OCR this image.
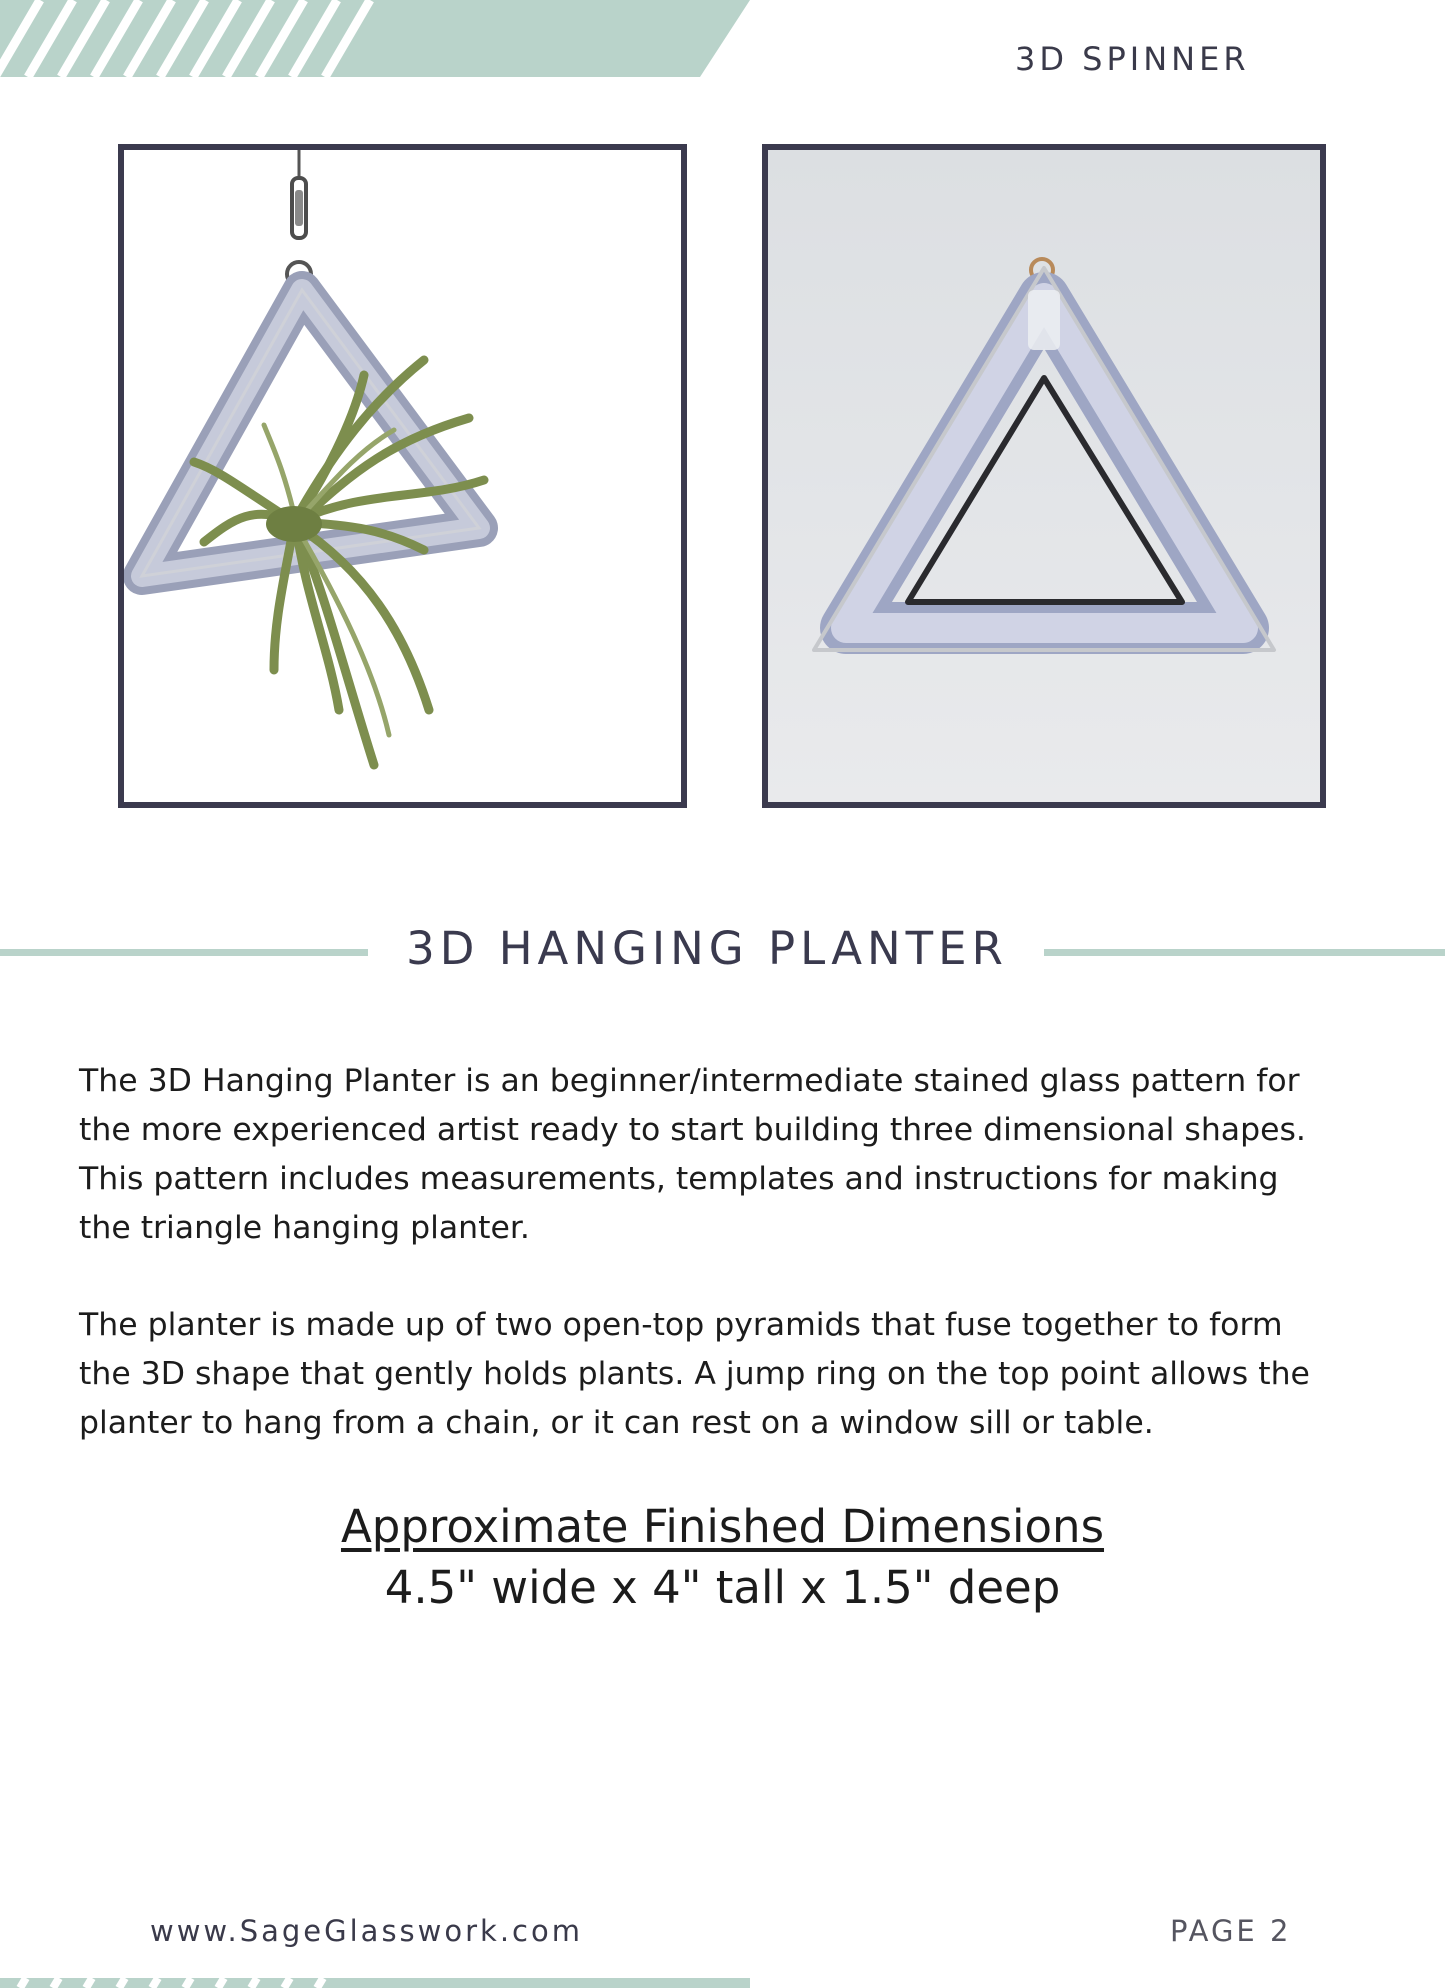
3D SPINNER
3D HANGING PLANTER
The 3D Hanging Planter is an beginner/intermediate stained glass pattern for
the more experienced artist ready to start building three dimensional shapes.
This pattern includes measurements, templates and instructions for making
the triangle hanging planter.
The planter is made up of two open-top pyramids that fuse together to form
the 3D shape that gently holds plants. A jump ring on the top point allows the
planter to hang from a chain, or it can rest on a window sill or table.
Approximate Finished Dimensions
4.5" wide x 4" tall x 1.5" deep
www.SageGlasswork.com	PAGE 2
